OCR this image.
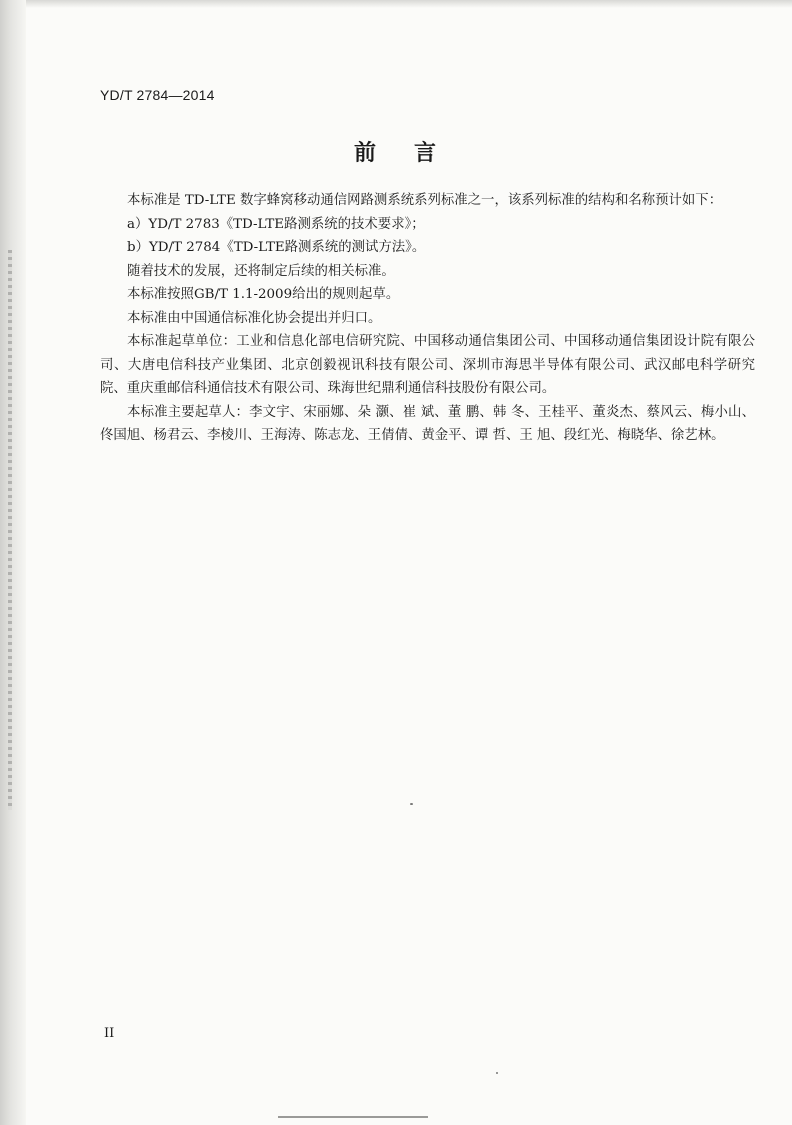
YD/T 2784—2014
前言

本标准是 TD-LTE 数字蜂窝移动通信网路测系统系列标准之一，该系列标准的结构和名称预计如下：

a）YD/T 2783《TD-LTE路测系统的技术要求》；

b）YD/T 2784《TD-LTE路测系统的测试方法》。

随着技术的发展，还将制定后续的相关标准。

本标准按照GB/T 1.1-2009给出的规则起草。

本标准由中国通信标准化协会提出并归口。

本标准起草单位：工业和信息化部电信研究院、中国移动通信集团公司、中国移动通信集团设计院有限公司、大唐电信科技产业集团、北京创毅视讯科技有限公司、深圳市海思半导体有限公司、武汉邮电科学研究院、重庆重邮信科通信技术有限公司、珠海世纪鼎利通信科技股份有限公司。

本标准主要起草人：李文宇、宋丽娜、朵 灏、崔 斌、董 鹏、韩 冬、王桂平、董炎杰、蔡风云、梅小山、佟国旭、杨君云、李棱川、王海涛、陈志龙、王倩倩、黄金平、谭 哲、王 旭、段红光、梅晓华、徐艺林。

II
